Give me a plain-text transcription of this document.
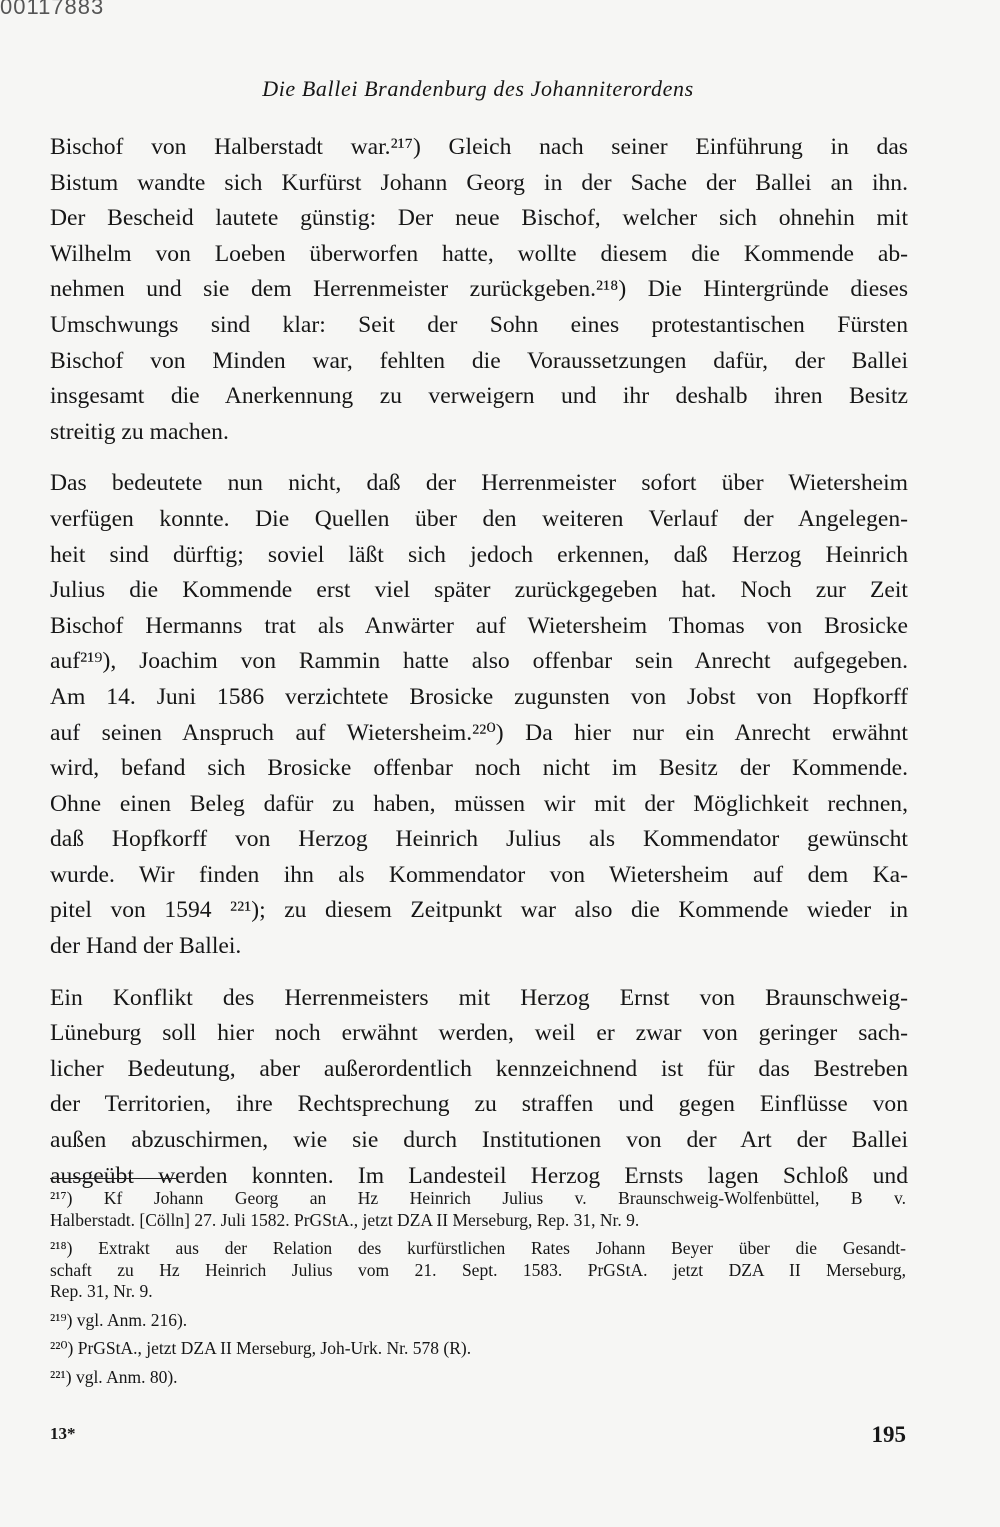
00117883
Die Ballei Brandenburg des Johanniterordens

Bischof von Halberstadt war.²¹⁷) Gleich nach seiner Einführung in das

Bistum wandte sich Kurfürst Johann Georg in der Sache der Ballei an ihn.

Der Bescheid lautete günstig: Der neue Bischof, welcher sich ohnehin mit

Wilhelm von Loeben überworfen hatte, wollte diesem die Kommende ab-

nehmen und sie dem Herrenmeister zurückgeben.²¹⁸) Die Hintergründe dieses

Umschwungs sind klar: Seit der Sohn eines protestantischen Fürsten

Bischof von Minden war, fehlten die Voraussetzungen dafür, der Ballei

insgesamt die Anerkennung zu verweigern und ihr deshalb ihren Besitz

streitig zu machen.

Das bedeutete nun nicht, daß der Herrenmeister sofort über Wietersheim

verfügen konnte. Die Quellen über den weiteren Verlauf der Angelegen-

heit sind dürftig; soviel läßt sich jedoch erkennen, daß Herzog Heinrich

Julius die Kommende erst viel später zurückgegeben hat. Noch zur Zeit

Bischof Hermanns trat als Anwärter auf Wietersheim Thomas von Brosicke

auf²¹⁹), Joachim von Rammin hatte also offenbar sein Anrecht aufgegeben.

Am 14. Juni 1586 verzichtete Brosicke zugunsten von Jobst von Hopfkorff

auf seinen Anspruch auf Wietersheim.²²⁰) Da hier nur ein Anrecht erwähnt

wird, befand sich Brosicke offenbar noch nicht im Besitz der Kommende.

Ohne einen Beleg dafür zu haben, müssen wir mit der Möglichkeit rechnen,

daß Hopfkorff von Herzog Heinrich Julius als Kommendator gewünscht

wurde. Wir finden ihn als Kommendator von Wietersheim auf dem Ka-

pitel von 1594 ²²¹); zu diesem Zeitpunkt war also die Kommende wieder in

der Hand der Ballei.

Ein Konflikt des Herrenmeisters mit Herzog Ernst von Braunschweig-

Lüneburg soll hier noch erwähnt werden, weil er zwar von geringer sach-

licher Bedeutung, aber außerordentlich kennzeichnend ist für das Bestreben

der Territorien, ihre Rechtsprechung zu straffen und gegen Einflüsse von

außen abzuschirmen, wie sie durch Institutionen von der Art der Ballei

ausgeübt werden konnten. Im Landesteil Herzog Ernsts lagen Schloß und

²¹⁷) Kf Johann Georg an Hz Heinrich Julius v. Braunschweig-Wolfenbüttel, B v.

Halberstadt. [Cölln] 27. Juli 1582. PrGStA., jetzt DZA II Merseburg, Rep. 31, Nr. 9.

²¹⁸) Extrakt aus der Relation des kurfürstlichen Rates Johann Beyer über die Gesandt-

schaft zu Hz Heinrich Julius vom 21. Sept. 1583. PrGStA. jetzt DZA II Merseburg,

Rep. 31, Nr. 9.

²¹⁹) vgl. Anm. 216).

²²⁰) PrGStA., jetzt DZA II Merseburg, Joh-Urk. Nr. 578 (R).

²²¹) vgl. Anm. 80).

13*	195
